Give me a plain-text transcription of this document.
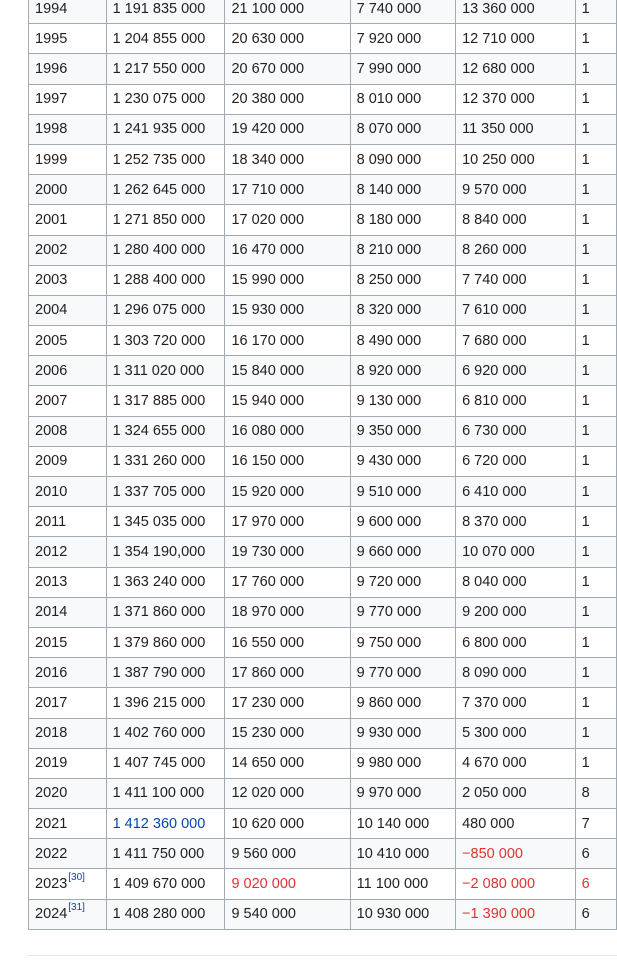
1994	1 191 835 000	21 100 000	7 740 000	13 360 000	1
1995	1 204 855 000	20 630 000	7 920 000	12 710 000	1
1996	1 217 550 000	20 670 000	7 990 000	12 680 000	1
1997	1 230 075 000	20 380 000	8 010 000	12 370 000	1
1998	1 241 935 000	19 420 000	8 070 000	11 350 000	1
1999	1 252 735 000	18 340 000	8 090 000	10 250 000	1
2000	1 262 645 000	17 710 000	8 140 000	9 570 000	1
2001	1 271 850 000	17 020 000	8 180 000	8 840 000	1
2002	1 280 400 000	16 470 000	8 210 000	8 260 000	1
2003	1 288 400 000	15 990 000	8 250 000	7 740 000	1
2004	1 296 075 000	15 930 000	8 320 000	7 610 000	1
2005	1 303 720 000	16 170 000	8 490 000	7 680 000	1
2006	1 311 020 000	15 840 000	8 920 000	6 920 000	1
2007	1 317 885 000	15 940 000	9 130 000	6 810 000	1
2008	1 324 655 000	16 080 000	9 350 000	6 730 000	1
2009	1 331 260 000	16 150 000	9 430 000	6 720 000	1
2010	1 337 705 000	15 920 000	9 510 000	6 410 000	1
2011	1 345 035 000	17 970 000	9 600 000	8 370 000	1
2012	1 354 190,000	19 730 000	9 660 000	10 070 000	1
2013	1 363 240 000	17 760 000	9 720 000	8 040 000	1
2014	1 371 860 000	18 970 000	9 770 000	9 200 000	1
2015	1 379 860 000	16 550 000	9 750 000	6 800 000	1
2016	1 387 790 000	17 860 000	9 770 000	8 090 000	1
2017	1 396 215 000	17 230 000	9 860 000	7 370 000	1
2018	1 402 760 000	15 230 000	9 930 000	5 300 000	1
2019	1 407 745 000	14 650 000	9 980 000	4 670 000	1
2020	1 411 100 000	12 020 000	9 970 000	2 050 000	8
2021	1 412 360 000	10 620 000	10 140 000	480 000	7
2022	1 411 750 000	9 560 000	10 410 000	−850 000	6
2023[30]	1 409 670 000	9 020 000	11 100 000	−2 080 000	6
2024[31]	1 408 280 000	9 540 000	10 930 000	−1 390 000	6
